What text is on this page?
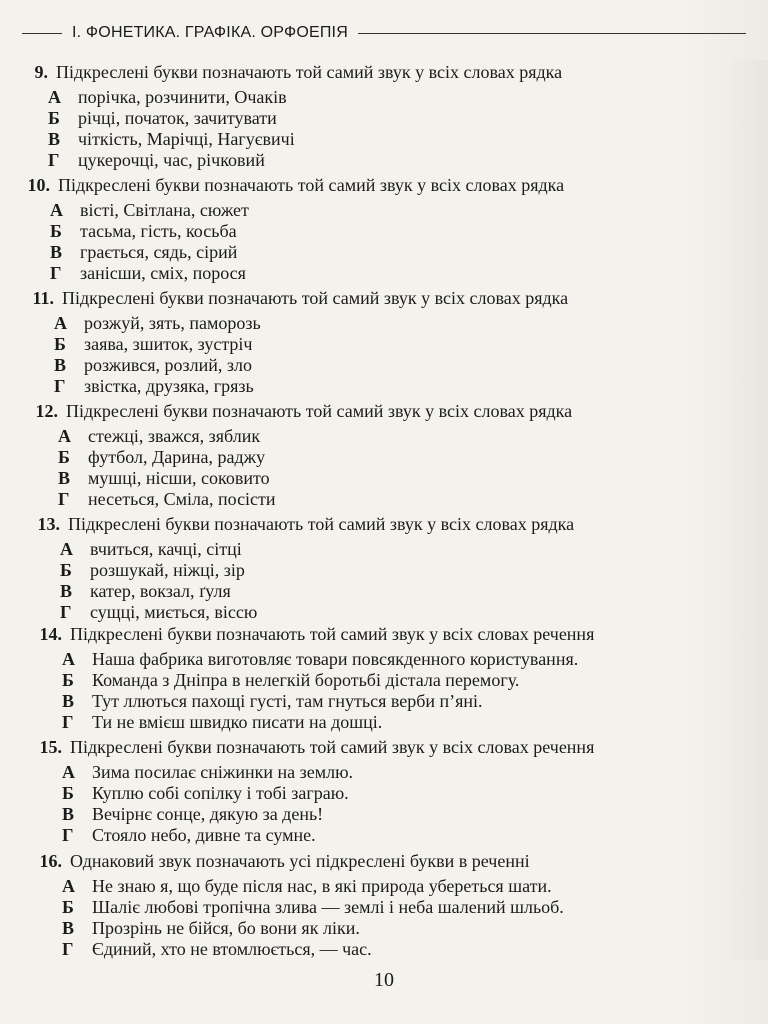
І. ФОНЕТИКА. ГРАФІКА. ОРФОЕПІЯ
9. Підкреслені букви позначають той самий звук у всіх словах рядка
А порічка, розчинити, Очаків
Б	річці, початок, зачитувати
В чіткість, Марічці, Нагуєвичі
Г	цукерочці, час, річковий
10. Підкреслені букви позначають той самий звук у всіх словах рядка
А вісті, Світлана, сюжет
Б	тасьма, гість, косьба
В грається, сядь, сірий
Г	занісши, сміх, порося
11. Підкреслені букви позначають той самий звук у всіх словах рядка
А розжуй, зять, паморозь
Б	заява, зшиток, зустріч
В розжився, розлий, зло
Г	звістка, друзяка, грязь
12. Підкреслені букви позначають той самий звук у всіх словах рядка
А стежці, зважся, зяблик
Б	футбол, Дарина, раджу
В мушці, нісши, соковито
Г	несеться, Сміла, посісти
13. Підкреслені букви позначають той самий звук у всіх словах рядка
А вчиться, качці, сітці
Б	розшукай, ніжці, зір
В катер, вокзал, ґуля
Г	сущці, миється, віссю
14. Підкреслені букви позначають той самий звук у всіх словах речення
А Наша фабрика виготовляє товари повсякденного користування.
Б	Команда з Дніпра в нелегкій боротьбі дістала перемогу.
В Тут ллються пахощі густі, там гнуться верби п’яні.
Г	Ти не вмієш швидко писати на дошці.
15. Підкреслені букви позначають той самий звук у всіх словах речення
А Зима посилає сніжинки на землю.
Б	Куплю собі сопілку і тобі заграю.
В Вечірнє сонце, дякую за день!
Г	Стояло небо, дивне та сумне.
16. Однаковий звук позначають усі підкреслені букви в реченні
А Не знаю я, що буде після нас, в які природа убереться шати.
Б	Шаліє любові тропічна злива — землі і неба шалений шльоб.
В Прозрінь не бійся, бо вони як ліки.
Г	Єдиний, хто не втомлюється, — час.
10
